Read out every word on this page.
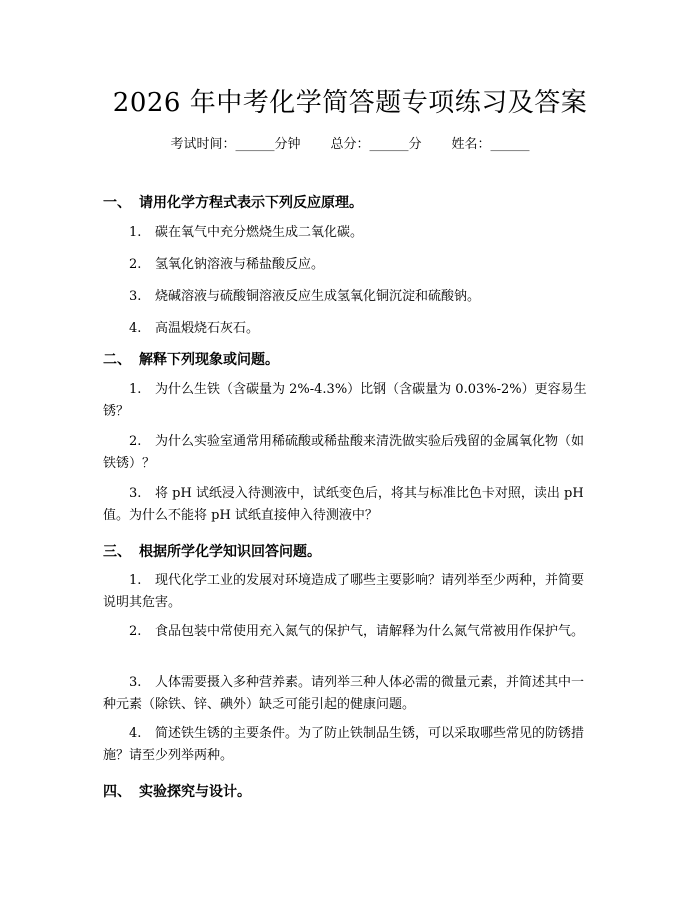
2026 年中考化学简答题专项练习及答案
考试时间：______分钟 总分：______分 姓名：______
一、 请用化学方程式表示下列反应原理。
1. 碳在氧气中充分燃烧生成二氧化碳。
2. 氢氧化钠溶液与稀盐酸反应。
3. 烧碱溶液与硫酸铜溶液反应生成氢氧化铜沉淀和硫酸钠。
4. 高温煅烧石灰石。
二、 解释下列现象或问题。
1. 为什么生铁（含碳量为 2%-4.3%）比钢（含碳量为 0.03%-2%）更容易生锈？
2. 为什么实验室通常用稀硫酸或稀盐酸来清洗做实验后残留的金属氧化物（如铁锈）？
3. 将 pH 试纸浸入待测液中，试纸变色后，将其与标准比色卡对照，读出 pH 值。为什么不能将 pH 试纸直接伸入待测液中？
三、 根据所学化学知识回答问题。
1. 现代化学工业的发展对环境造成了哪些主要影响？请列举至少两种，并简要说明其危害。
2. 食品包装中常使用充入氮气的保护气，请解释为什么氮气常被用作保护气。
3. 人体需要摄入多种营养素。请列举三种人体必需的微量元素，并简述其中一种元素（除铁、锌、碘外）缺乏可能引起的健康问题。
4. 简述铁生锈的主要条件。为了防止铁制品生锈，可以采取哪些常见的防锈措施？请至少列举两种。
四、 实验探究与设计。
